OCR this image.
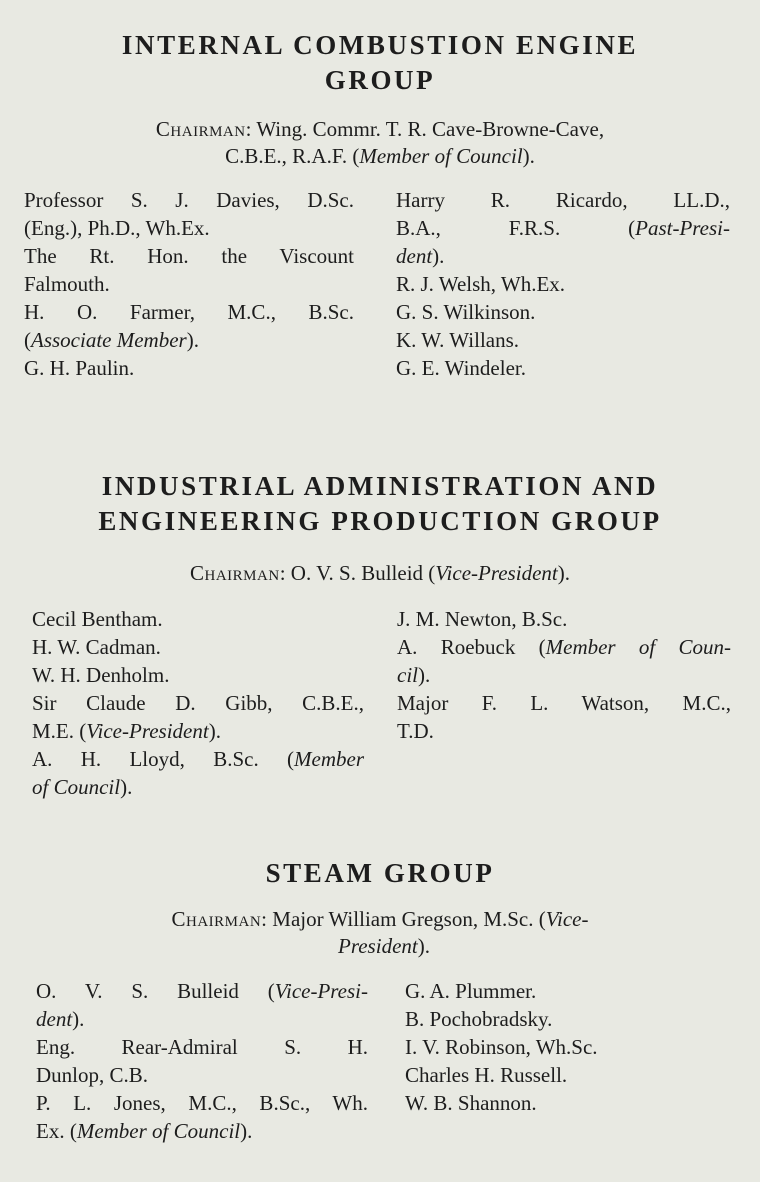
INTERNAL COMBUSTION ENGINE
GROUP
Chairman: Wing. Commr. T. R. Cave-Browne-Cave,
C.B.E., R.A.F. (Member of Council).
Professor S. J. Davies, D.Sc.
(Eng.), Ph.D., Wh.Ex.
The Rt. Hon. the Viscount
Falmouth.
H. O. Farmer, M.C., B.Sc.
(Associate Member).
G. H. Paulin.
Harry R. Ricardo, LL.D.,
B.A., F.R.S. (Past-Presi-
dent).
R. J. Welsh, Wh.Ex.
G. S. Wilkinson.
K. W. Willans.
G. E. Windeler.
INDUSTRIAL ADMINISTRATION AND
ENGINEERING PRODUCTION GROUP
Chairman: O. V. S. Bulleid (Vice-President).
Cecil Bentham.
H. W. Cadman.
W. H. Denholm.
Sir Claude D. Gibb, C.B.E.,
M.E. (Vice-President).
A. H. Lloyd, B.Sc. (Member
of Council).
J. M. Newton, B.Sc.
A. Roebuck (Member of Coun-
cil).
Major F. L. Watson, M.C.,
T.D.
STEAM GROUP
Chairman: Major William Gregson, M.Sc. (Vice-
President).
O. V. S. Bulleid (Vice-Presi-
dent).
Eng. Rear-Admiral S. H.
Dunlop, C.B.
P. L. Jones, M.C., B.Sc., Wh.
Ex. (Member of Council).
G. A. Plummer.
B. Pochobradsky.
I. V. Robinson, Wh.Sc.
Charles H. Russell.
W. B. Shannon.
